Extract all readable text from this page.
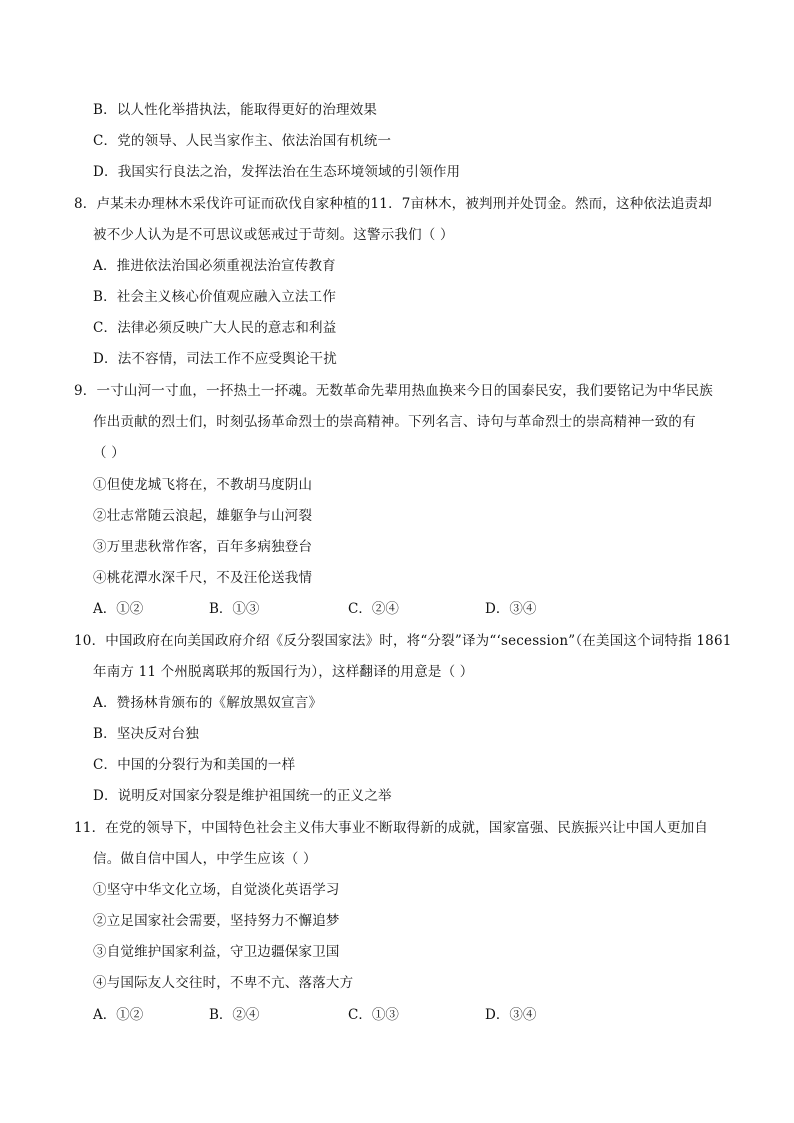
B．以人性化举措执法，能取得更好的治理效果
C．党的领导、人民当家作主、依法治国有机统一
D．我国实行良法之治，发挥法治在生态环境领域的引领作用
8．卢某未办理林木采伐许可证而砍伐自家种植的11．7亩林木，被判刑并处罚金。然而，这种依法追责却
被不少人认为是不可思议或惩戒过于苛刻。这警示我们（ ）
A．推进依法治国必须重视法治宣传教育
B．社会主义核心价值观应融入立法工作
C．法律必须反映广大人民的意志和利益
D．法不容情，司法工作不应受舆论干扰
9．一寸山河一寸血，一抔热土一抔魂。无数革命先辈用热血换来今日的国泰民安，我们要铭记为中华民族
作出贡献的烈士们，时刻弘扬革命烈士的崇高精神。下列名言、诗句与革命烈士的崇高精神一致的有
（ ）
①但使龙城飞将在，不教胡马度阴山
②壮志常随云浪起，雄躯争与山河裂
③万里悲秋常作客，百年多病独登台
④桃花潭水深千尺，不及汪伦送我情
A．①②	B．①③	C．②④	D．③④
10．中国政府在向美国政府介绍《反分裂国家法》时，将“分裂”译为“‘secession”（在美国这个词特指 1861
年南方 11 个州脱离联邦的叛国行为），这样翻译的用意是（ ）
A．赞扬林肯颁布的《解放黑奴宣言》
B．坚决反对台独
C．中国的分裂行为和美国的一样
D．说明反对国家分裂是维护祖国统一的正义之举
11．在党的领导下，中国特色社会主义伟大事业不断取得新的成就，国家富强、民族振兴让中国人更加自
信。做自信中国人，中学生应该（ ）
①坚守中华文化立场，自觉淡化英语学习
②立足国家社会需要，坚持努力不懈追梦
③自觉维护国家利益，守卫边疆保家卫国
④与国际友人交往时，不卑不亢、落落大方
A．①②	B．②④	C．①③	D．③④
